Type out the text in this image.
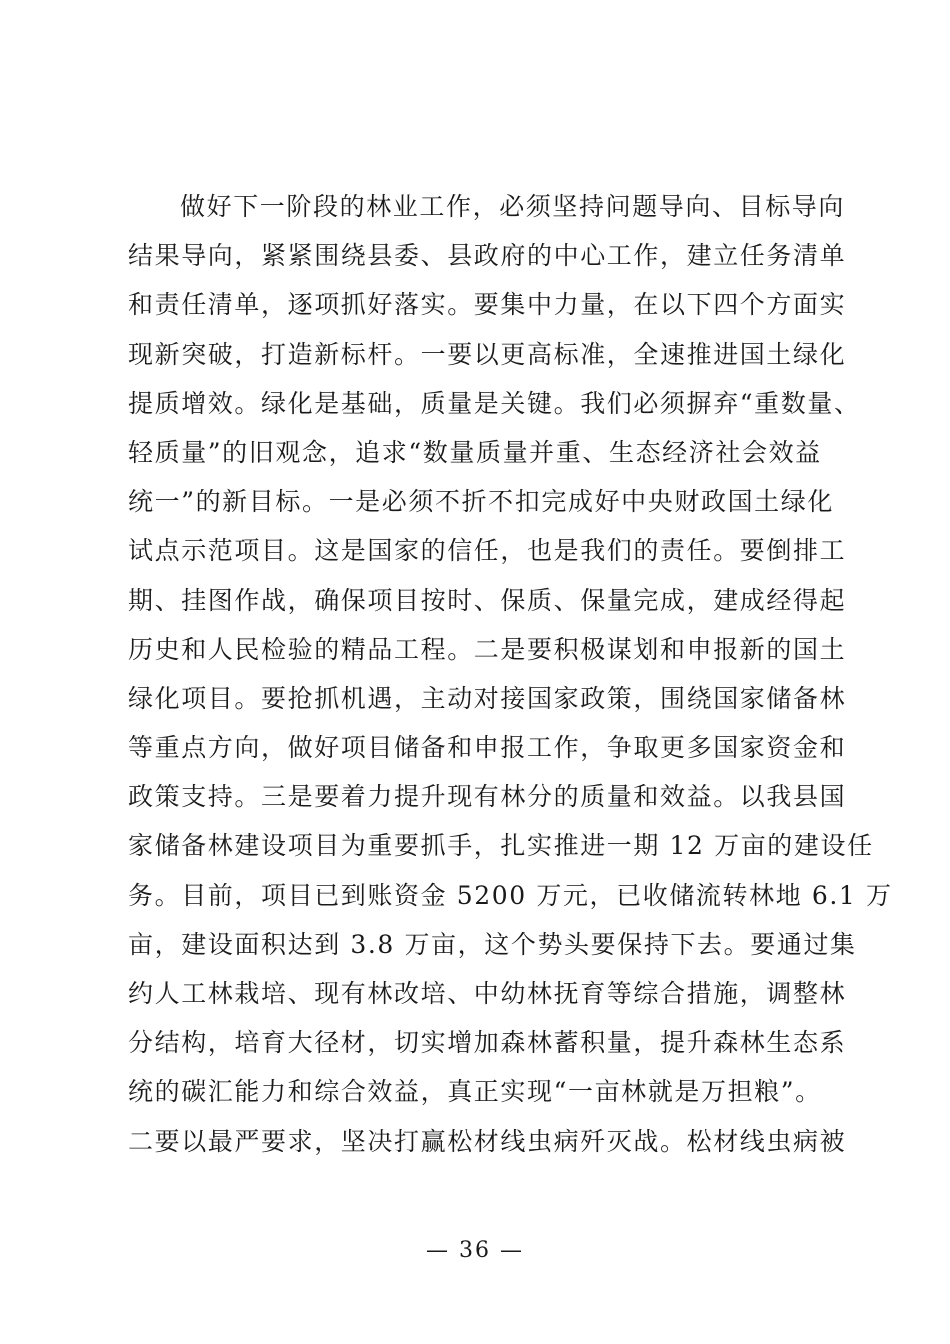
做好下一阶段的林业工作，必须坚持问题导向、目标导向
结果导向，紧紧围绕县委、县政府的中心工作，建立任务清单
和责任清单，逐项抓好落实。要集中力量，在以下四个方面实
现新突破，打造新标杆。一要以更高标准，全速推进国土绿化
提质增效。绿化是基础，质量是关键。我们必须摒弃“重数量、
轻质量”的旧观念，追求“数量质量并重、生态经济社会效益
统一”的新目标。一是必须不折不扣完成好中央财政国土绿化
试点示范项目。这是国家的信任，也是我们的责任。要倒排工
期、挂图作战，确保项目按时、保质、保量完成，建成经得起
历史和人民检验的精品工程。二是要积极谋划和申报新的国土
绿化项目。要抢抓机遇，主动对接国家政策，围绕国家储备林
等重点方向，做好项目储备和申报工作，争取更多国家资金和
政策支持。三是要着力提升现有林分的质量和效益。以我县国
家储备林建设项目为重要抓手，扎实推进一期 12 万亩的建设任
务。目前，项目已到账资金 5200 万元，已收储流转林地 6.1 万
亩，建设面积达到 3.8 万亩，这个势头要保持下去。要通过集
约人工林栽培、现有林改培、中幼林抚育等综合措施，调整林
分结构，培育大径材，切实增加森林蓄积量，提升森林生态系
统的碳汇能力和综合效益，真正实现“一亩林就是万担粮”。
二要以最严要求，坚决打赢松材线虫病歼灭战。松材线虫病被
— 36 —
